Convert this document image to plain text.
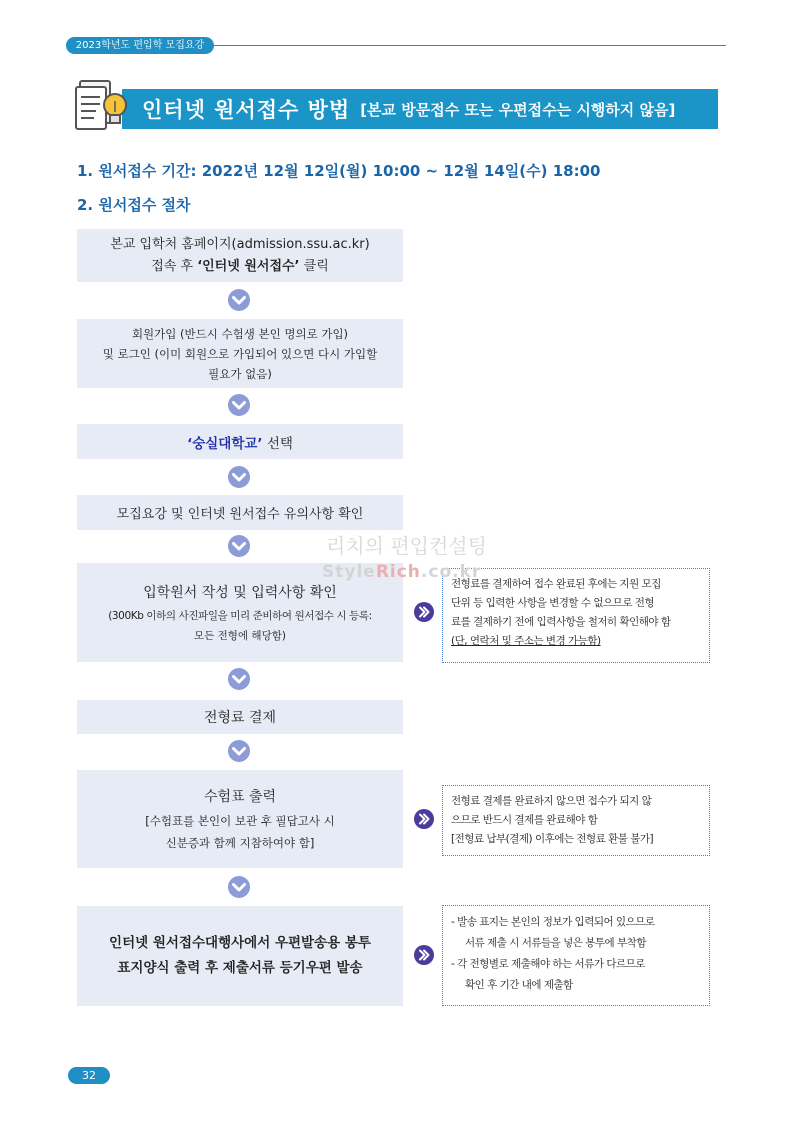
2023학년도 편입학 모집요강
인터넷 원서접수 방법 [본교 방문접수 또는 우편접수는 시행하지 않음]
1. 원서접수 기간: 2022년 12월 12일(월) 10:00 ~ 12월 14일(수) 18:00
2. 원서접수 절차
본교 입학처 홈페이지(admission.ssu.ac.kr)
접속 후 ‘인터넷 원서접수’ 클릭
회원가입 (반드시 수험생 본인 명의로 가입)
및 로그인 (이미 회원으로 가입되어 있으면 다시 가입할
필요가 없음)
‘숭실대학교’ 선택
모집요강 및 인터넷 원서접수 유의사항 확인
입학원서 작성 및 입력사항 확인
(300Kb 이하의 사진파일을 미리 준비하여 원서접수 시 등록:
모든 전형에 해당함)
전형료를 결제하여 접수 완료된 후에는 지원 모집
단위 등 입력한 사항을 변경할 수 없으므로 전형
료를 결제하기 전에 입력사항을 철저히 확인해야 함
(단, 연락처 및 주소는 변경 가능함)
전형료 결제
수험표 출력
[수험표를 본인이 보관 후 필답고사 시
신분증과 함께 지참하여야 함]
전형료 결제를 완료하지 않으면 접수가 되지 않
으므로 반드시 결제를 완료해야 함
[전형료 납부(결제) 이후에는 전형료 환불 불가]
인터넷 원서접수대행사에서 우편발송용 봉투
표지양식 출력 후 제출서류 등기우편 발송
- 발송 표지는 본인의 정보가 입력되어 있으므로
서류 제출 시 서류들을 넣은 봉투에 부착함
- 각 전형별로 제출해야 하는 서류가 다르므로
확인 후 기간 내에 제출함
리치의 편입컨설팅
StyleRich.co.kr
32
